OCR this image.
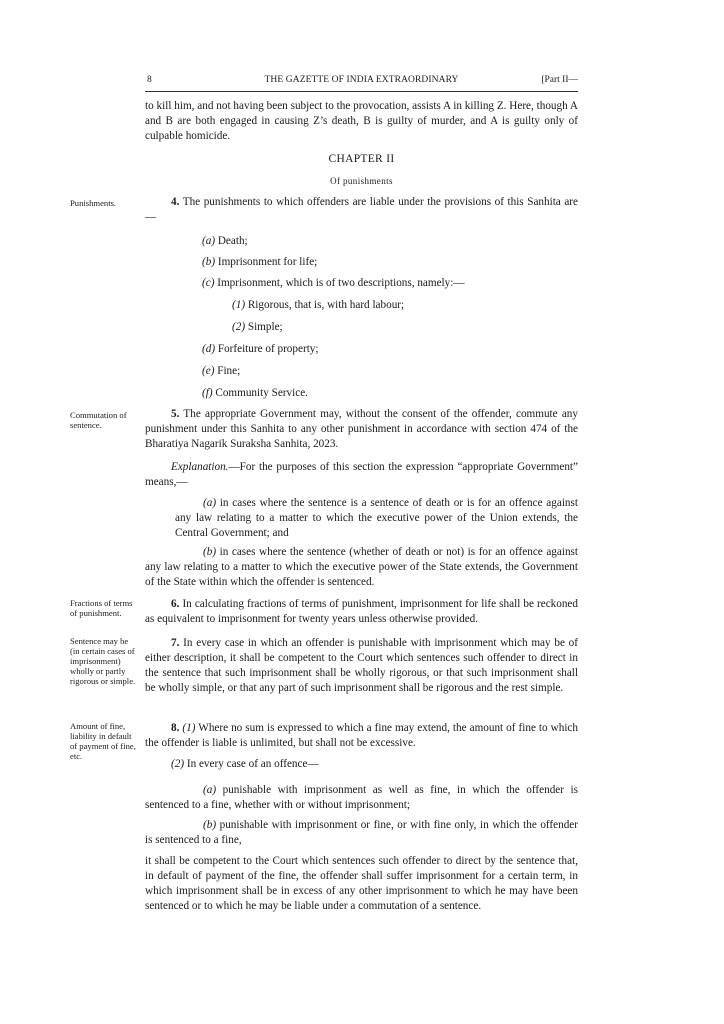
8	THE GAZETTE OF INDIA EXTRAORDINARY	[Part II—
Punishments.
Commutation of sentence.
Fractions of terms of punishment.
Sentence may be (in certain cases of imprisonment) wholly or partly rigorous or simple.
Amount of fine, liability in default of payment of fine, etc.

to kill him, and not having been subject to the provocation, assists A in killing Z. Here, though A and B are both engaged in causing Z’s death, B is guilty of murder, and A is guilty only of culpable homicide.

CHAPTER II
Of punishments

4. The punishments to which offenders are liable under the provisions of this Sanhita are—

(a) Death;
(b) Imprisonment for life;
(c) Imprisonment, which is of two descriptions, namely:—
(1) Rigorous, that is, with hard labour;
(2) Simple;
(d) Forfeiture of property;
(e) Fine;
(f) Community Service.

5. The appropriate Government may, without the consent of the offender, commute any punishment under this Sanhita to any other punishment in accordance with section 474 of the Bharatiya Nagarik Suraksha Sanhita, 2023.

Explanation.—For the purposes of this section the expression “appropriate Government” means,—

(a) in cases where the sentence is a sentence of death or is for an offence against any law relating to a matter to which the executive power of the Union extends, the Central Government; and

(b) in cases where the sentence (whether of death or not) is for an offence against any law relating to a matter to which the executive power of the State extends, the Government of the State within which the offender is sentenced.

6. In calculating fractions of terms of punishment, imprisonment for life shall be reckoned as equivalent to imprisonment for twenty years unless otherwise provided.

7. In every case in which an offender is punishable with imprisonment which may be of either description, it shall be competent to the Court which sentences such offender to direct in the sentence that such imprisonment shall be wholly rigorous, or that such imprisonment shall be wholly simple, or that any part of such imprisonment shall be rigorous and the rest simple.

8. (1) Where no sum is expressed to which a fine may extend, the amount of fine to which the offender is liable is unlimited, but shall not be excessive.

(2) In every case of an offence—

(a) punishable with imprisonment as well as fine, in which the offender is sentenced to a fine, whether with or without imprisonment;

(b) punishable with imprisonment or fine, or with fine only, in which the offender is sentenced to a fine,

it shall be competent to the Court which sentences such offender to direct by the sentence that, in default of payment of the fine, the offender shall suffer imprisonment for a certain term, in which imprisonment shall be in excess of any other imprisonment to which he may have been sentenced or to which he may be liable under a commutation of a sentence.
